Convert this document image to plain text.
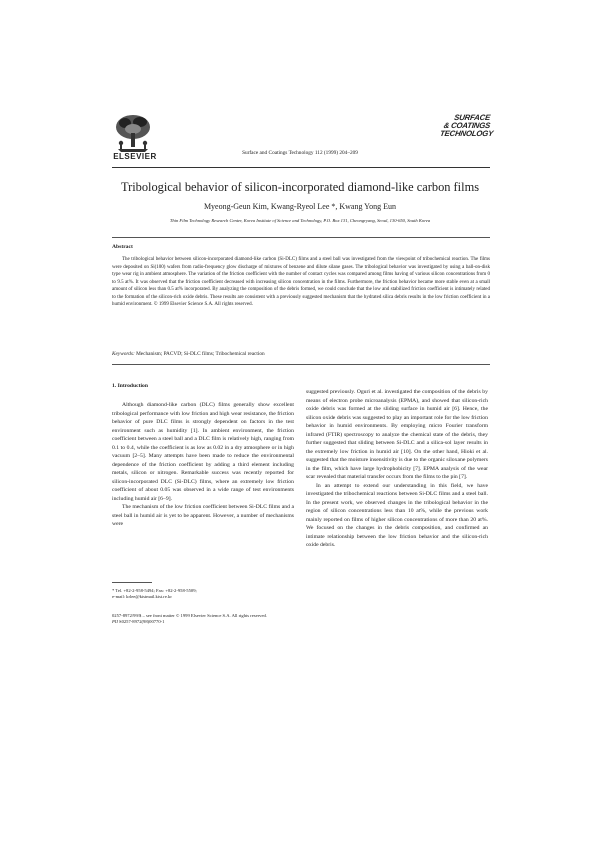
ELSEVIER	Surface and Coatings Technology 112 (1999) 204–209
SURFACE
& COATINGS
TECHNOLOGY
Tribological behavior of silicon-incorporated diamond-like carbon films
Myeong-Geun Kim, Kwang-Ryeol Lee *, Kwang Yong Eun
Thin Film Technology Research Center, Korea Institute of Science and Technology, P.O. Box 131, Cheongryang, Seoul, 130-650, South Korea
Abstract
The tribological behavior between silicon-incorporated diamond-like carbon (Si-DLC) films and a steel ball was investigated from the viewpoint of tribochemical reaction. The films were deposited on Si(100) wafers from radio-frequency glow discharge of mixtures of benzene and dilute silane gases. The tribological behavior was investigated by using a ball-on-disk type wear rig in ambient atmosphere. The variation of the friction coefficient with the number of contact cycles was compared among films having of various silicon concentrations from 0 to 9.5 at%. It was observed that the friction coefficient decreased with increasing silicon concentration in the films. Furthermore, the friction behavior became more stable even at a small amount of silicon less than 0.5 at% incorporated. By analyzing the composition of the debris formed, we could conclude that the low and stabilized friction coefficient is intimately related to the formation of the silicon-rich oxide debris. These results are consistent with a previously suggested mechanism that the hydrated silica debris results in the low friction coefficient in a humid environment. © 1999 Elsevier Science S.A. All rights reserved.
Keywords: Mechanism; PACVD; Si-DLC films; Tribochemical reaction
1. Introduction

Although diamond-like carbon (DLC) films generally show excellent tribological performance with low friction and high wear resistance, the friction behavior of pure DLC films is strongly dependent on factors in the test environment such as humidity [1]. In ambient environment, the friction coefficient between a steel ball and a DLC film is relatively high, ranging from 0.1 to 0.4, while the coefficient is as low as 0.02 in a dry atmosphere or in high vacuum [2–5]. Many attempts have been made to reduce the environmental dependence of the friction coefficient by adding a third element including metals, silicon or nitrogen. Remarkable success was recently reported for silicon-incorporated DLC (Si-DLC) films, where an extremely low friction coefficient of about 0.05 was observed in a wide range of test environments including humid air [6–9].

The mechanism of the low friction coefficient between Si-DLC films and a steel ball in humid air is yet to be apparent. However, a number of mechanisms were

suggested previously. Oguri et al. investigated the composition of the debris by means of electron probe microanalysis (EPMA), and showed that silicon-rich oxide debris was formed at the sliding surface in humid air [6]. Hence, the silicon oxide debris was suggested to play an important role for the low friction behavior in humid environments. By employing micro Fourier transform infrared (FTIR) spectroscopy to analyze the chemical state of the debris, they further suggested that sliding between Si-DLC and a silica-sol layer results in the extremely low friction in humid air [10]. On the other hand, Hioki et al. suggested that the moisture insensitivity is due to the organic siloxane polymers in the film, which have large hydrophobicity [7]. EPMA analysis of the wear scar revealed that material transfer occurs from the films to the pin [7].

In an attempt to extend our understanding in this field, we have investigated the tribochemical reactions between Si-DLC films and a steel ball. In the present work, we observed changes in the tribological behavior in the region of silicon concentrations less than 10 at%, while the previous work mainly reported on films of higher silicon concentrations of more than 20 at%. We focused on the changes in the debris composition, and confirmed an intimate relationship between the low friction behavior and the silicon-rich oxide debris.

* Tel. +82-2-958-5494; Fax: +82-2-958-5509;
e-mail: krlee@kistmail.kist.re.kr
0257-8972/99/$ – see front matter © 1999 Elsevier Science S.A. All rights reserved.
PII S0257-8972(98)00770-1
